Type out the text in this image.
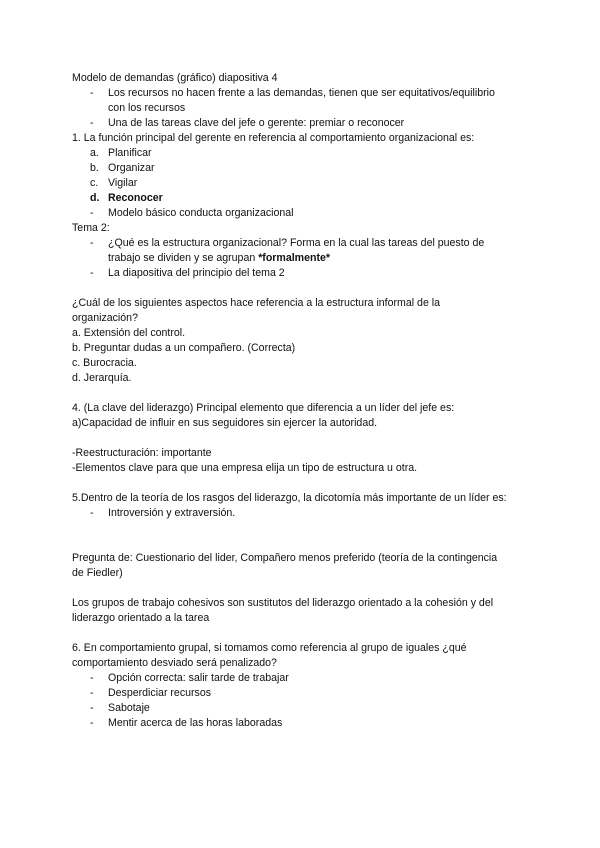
Modelo de demandas (gráfico) diapositiva 4
- Los recursos no hacen frente a las demandas, tienen que ser equitativos/equilibrio
con los recursos
- Una de las tareas clave del jefe o gerente: premiar o reconocer
1. La función principal del gerente en referencia al comportamiento organizacional es:
a. Planificar
b. Organizar
c. Vigilar
d. Reconocer
- Modelo básico conducta organizacional
Tema 2:
- ¿Qué es la estructura organizacional? Forma en la cual las tareas del puesto de
trabajo se dividen y se agrupan *formalmente*
- La diapositiva del principio del tema 2
¿Cuál de los siguientes aspectos hace referencia a la estructura informal de la
organización?
a. Extensión del control.
b. Preguntar dudas a un compañero. (Correcta)
c. Burocracia.
d. Jerarquía.
4. (La clave del liderazgo) Principal elemento que diferencia a un líder del jefe es:
a)Capacidad de influir en sus seguidores sin ejercer la autoridad.
-Reestructuración: importante
-Elementos clave para que una empresa elija un tipo de estructura u otra.
5.Dentro de la teoría de los rasgos del liderazgo, la dicotomía más importante de un líder es:
- Introversión y extraversión.
Pregunta de: Cuestionario del lider, Compañero menos preferido (teoría de la contingencia
de Fiedler)
Los grupos de trabajo cohesivos son sustitutos del liderazgo orientado a la cohesión y del
liderazgo orientado a la tarea
6. En comportamiento grupal, si tomamos como referencia al grupo de iguales ¿qué
comportamiento desviado será penalizado?
- Opción correcta: salir tarde de trabajar
- Desperdiciar recursos
- Sabotaje
- Mentir acerca de las horas laboradas
